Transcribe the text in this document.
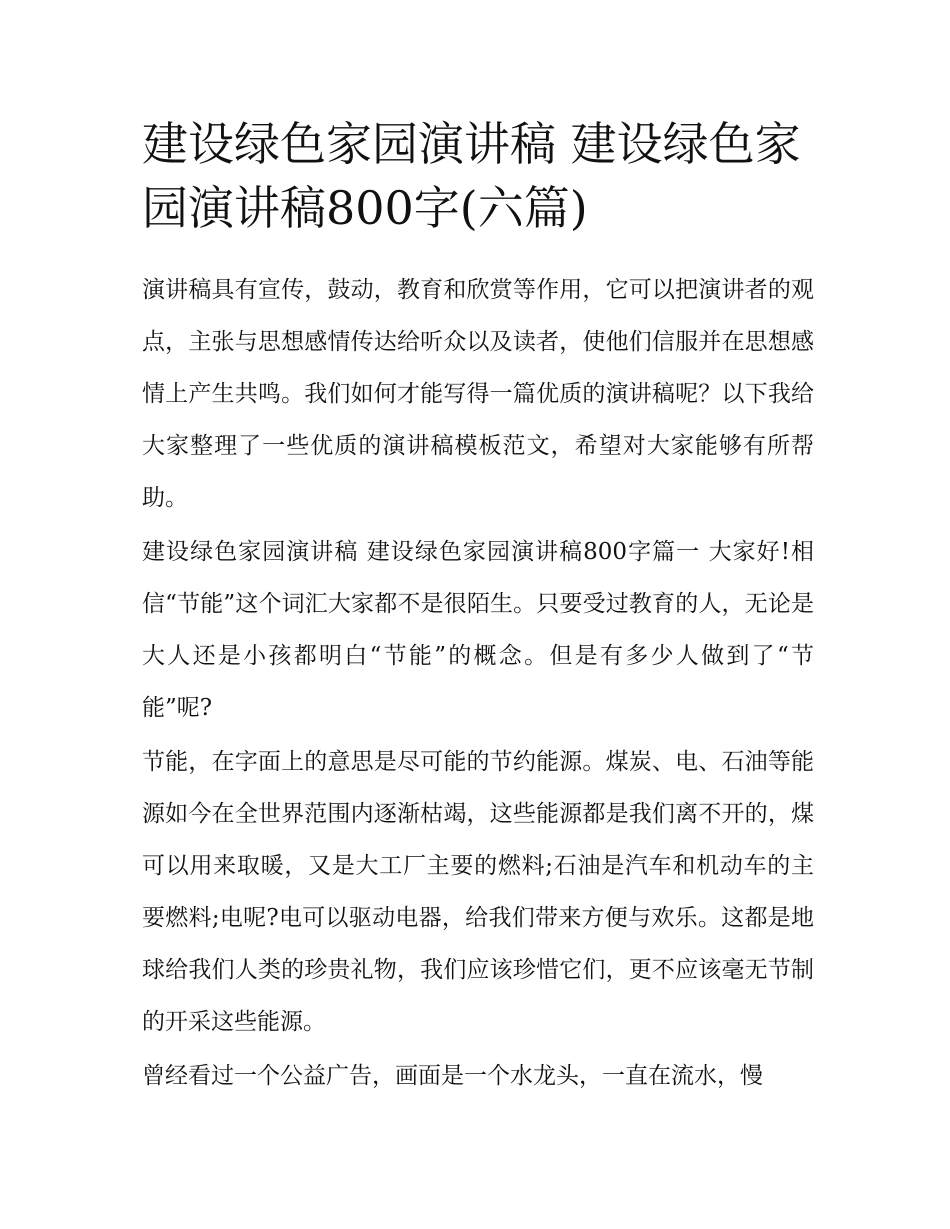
建设绿色家园演讲稿 建设绿色家园演讲稿800字(六篇)

演讲稿具有宣传，鼓动，教育和欣赏等作用，它可以把演讲者的观点，主张与思想感情传达给听众以及读者，使他们信服并在思想感情上产生共鸣。我们如何才能写得一篇优质的演讲稿呢？以下我给大家整理了一些优质的演讲稿模板范文，希望对大家能够有所帮助。

建设绿色家园演讲稿 建设绿色家园演讲稿800字篇一 大家好!相信“节能”这个词汇大家都不是很陌生。只要受过教育的人，无论是大人还是小孩都明白“节能”的概念。但是有多少人做到了“节能”呢?

节能，在字面上的意思是尽可能的节约能源。煤炭、电、石油等能源如今在全世界范围内逐渐枯竭，这些能源都是我们离不开的，煤可以用来取暖，又是大工厂主要的燃料;石油是汽车和机动车的主要燃料;电呢?电可以驱动电器，给我们带来方便与欢乐。这都是地球给我们人类的珍贵礼物，我们应该珍惜它们，更不应该毫无节制的开采这些能源。

曾经看过一个公益广告，画面是一个水龙头，一直在流水，慢
